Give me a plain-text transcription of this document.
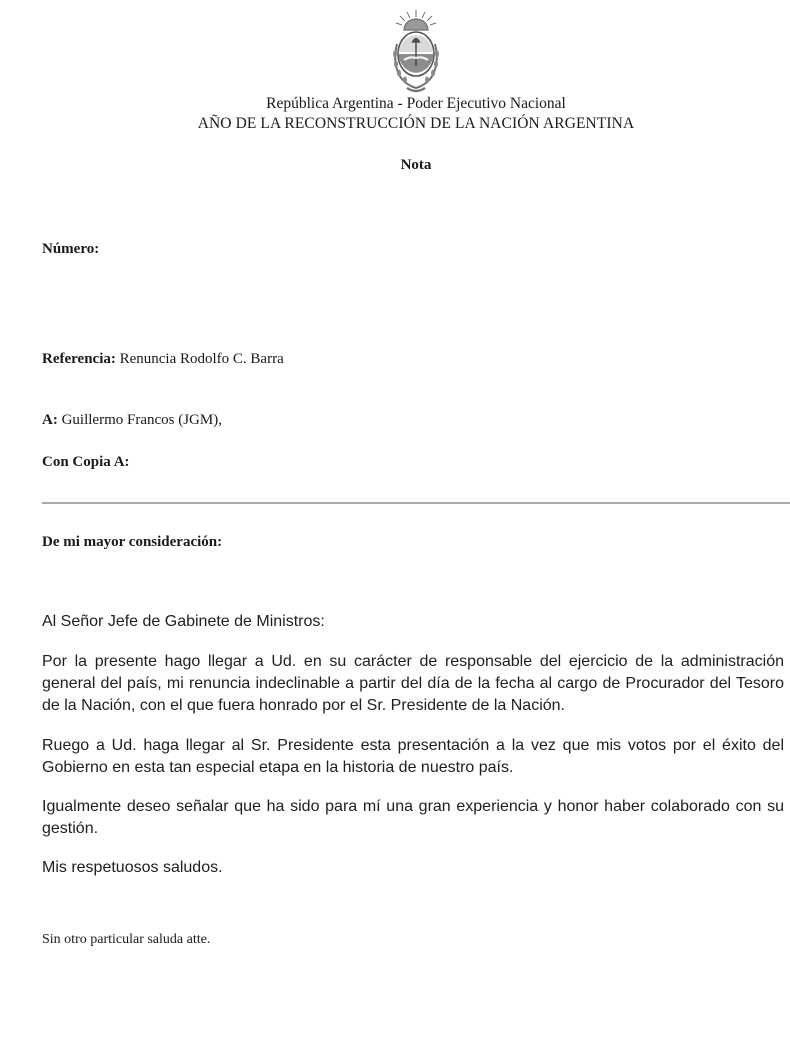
República Argentina - Poder Ejecutivo Nacional
AÑO DE LA RECONSTRUCCIÓN DE LA NACIÓN ARGENTINA
Nota
Número:
Referencia: Renuncia Rodolfo C. Barra
A: Guillermo Francos (JGM),
Con Copia A:
De mi mayor consideración:
Al Señor Jefe de Gabinete de Ministros:
Por la presente hago llegar a Ud. en su carácter de responsable del ejercicio de la administración general del país, mi renuncia indeclinable a partir del día de la fecha al cargo de Procurador del Tesoro de la Nación, con el que fuera honrado por el Sr. Presidente de la Nación.
Ruego a Ud. haga llegar al Sr. Presidente esta presentación a la vez que mis votos por el éxito del Gobierno en esta tan especial etapa en la historia de nuestro país.
Igualmente deseo señalar que ha sido para mí una gran experiencia y honor haber colaborado con su gestión.
Mis respetuosos saludos.
Sin otro particular saluda atte.
